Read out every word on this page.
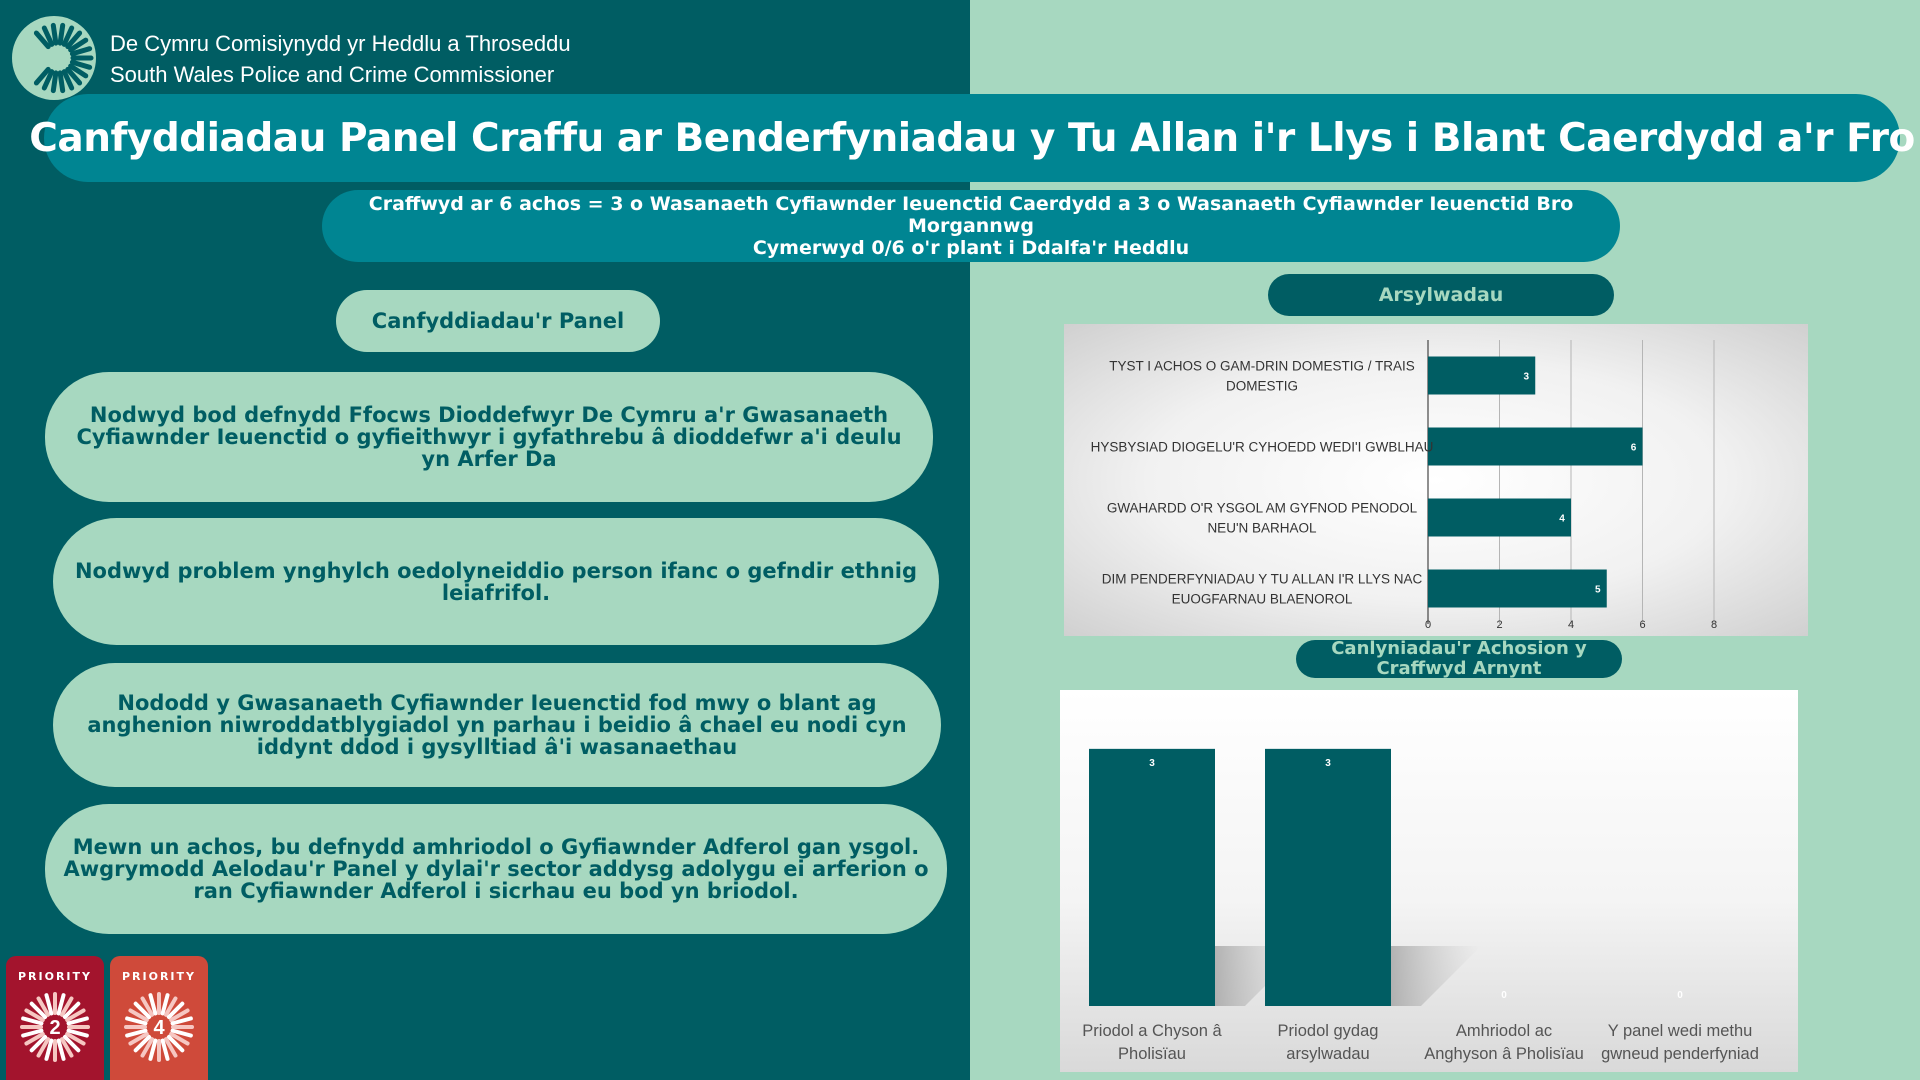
De Cymru Comisiynydd yr Heddlu a Throseddu
South Wales Police and Crime Commissioner
Canfyddiadau Panel Craffu ar Benderfyniadau y Tu Allan i'r Llys i Blant Caerdydd a'r Fro
Craffwyd ar 6 achos = 3 o Wasanaeth Cyfiawnder Ieuenctid Caerdydd a 3 o Wasanaeth Cyfiawnder Ieuenctid Bro Morgannwg
Cymerwyd 0/6 o'r plant i Ddalfa'r Heddlu
Canfyddiadau'r Panel
Nodwyd bod defnydd Ffocws Dioddefwyr De Cymru a'r Gwasanaeth Cyfiawnder Ieuenctid o gyfieithwyr i gyfathrebu â dioddefwr a'i deulu yn Arfer Da
Nodwyd problem ynghylch oedolyneiddio person ifanc o gefndir ethnig leiafrifol.
Nododd y Gwasanaeth Cyfiawnder Ieuenctid fod mwy o blant ag anghenion niwroddatblygiadol yn parhau i beidio â chael eu nodi cyn iddynt ddod i gysylltiad â'i wasanaethau
Mewn un achos, bu defnydd amhriodol o Gyfiawnder Adferol gan ysgol. Awgrymodd Aelodau'r Panel y dylai'r sector addysg adolygu ei arferion o ran Cyfiawnder Adferol i sicrhau eu bod yn briodol.
PRIORITY
2
PRIORITY
4
Arsylwadau
0	2	4	6	8
3
TYST I ACHOS O GAM-DRIN DOMESTIG / TRAIS
DOMESTIG
6
HYSBYSIAD DIOGELU'R CYHOEDD WEDI'I GWBLHAU
4
GWAHARDD O'R YSGOL AM GYFNOD PENODOL
NEU'N BARHAOL
5
DIM PENDERFYNIADAU Y TU ALLAN I'R LLYS NAC
EUOGFARNAU BLAENOROL
Canlyniadau'r Achosion y Craffwyd Arnynt
3
Priodol a Chyson â
Pholisïau
3
Priodol gydag
arsylwadau
0
Amhriodol ac
Anghyson â Pholisïau
0
Y panel wedi methu
gwneud penderfyniad
